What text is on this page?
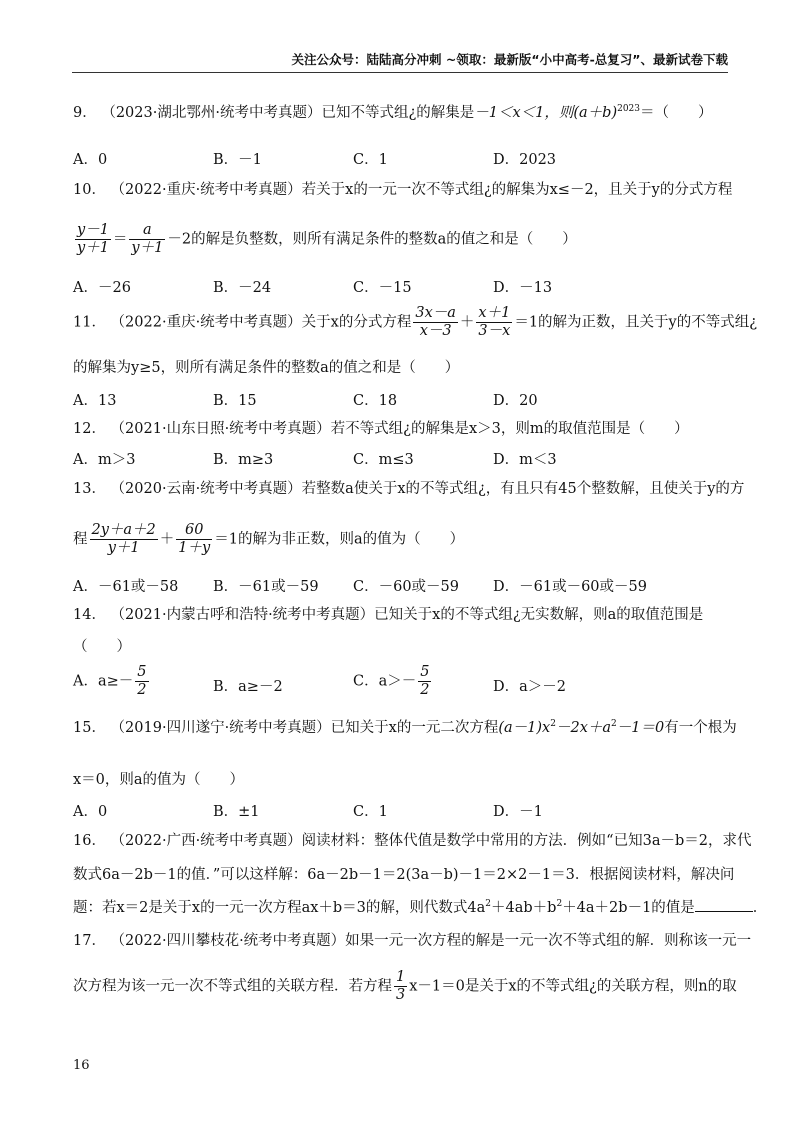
关注公众号：陆陆高分冲刺 ~领取：最新版“小中高考-总复习”、最新试卷下载
9． （2023·湖北鄂州·统考中考真题）已知不等式组¿的解集是－1＜x＜1，则$(a+b)^{2023}=$（　　）
A．0	B．－1	C．1	D．2023
10． （2022·重庆·统考中考真题）若关于x的一元一次不等式组¿的解集为x≤－2，且关于y的分式方程
$\frac{y-1}{y+1} = \frac{a}{y+1} -2$的解是负整数，则所有满足条件的整数a的值之和是（　　）
A．－26	B．－24	C．－15	D．－13
11． （2022·重庆·统考中考真题）关于x的分式方程 $\frac{3x-a}{x-3} + \frac{x+1}{3-x} =1$的解为正数，且关于y的不等式组¿
的解集为y≥5，则所有满足条件的整数a的值之和是（　　）
A．13	B．15	C．18	D．20
12． （2021·山东日照·统考中考真题）若不等式组¿的解集是x＞3，则m的取值范围是（　　）
A．m＞3	B．m≥3	C．m≤3	D．m＜3
13． （2020·云南·统考中考真题）若整数a使关于x的不等式组¿，有且只有45个整数解，且使关于y的方
程 $\frac{2y+a+2}{y+1} + \frac{60}{1+y} =1$的解为非正数，则a的值为（　　）
A．－61或－58 B．－61或－59 C．－60或－59 D．－61或－60或－59
14． （2021·内蒙古呼和浩特·统考中考真题）已知关于x的不等式组¿无实数解，则a的取值范围是
（　　）
A．$a\ge- \frac{5}{2}$	B．a≥－2	C．$a>- \frac{5}{2}$	D．a＞－2
15． （2019·四川遂宁·统考中考真题）已知关于x的一元二次方程$(a-1)x^2-2x+a^2-1=0$有一个根为
x＝0，则a的值为（　　）
A．0	B．±1	C．1	D．－1
16． （2022·广西·统考中考真题）阅读材料：整体代值是数学中常用的方法．例如“已知3a－b＝2，求代
数式6a－2b－1的值．”可以这样解：6a－2b－1＝2(3a－b)－1＝2×2－1＝3．根据阅读材料，解决问
题：若x＝2是关于x的一元一次方程ax＋b＝3的解，则代数式$4a^2+4ab+b^2+4a+2b-1$的值是	．
17． （2022·四川攀枝花·统考中考真题）如果一元一次方程的解是一元一次不等式组的解．则称该一元一
次方程为该一元一次不等式组的关联方程．若方程 $\frac{1}{3} x-1=0$是关于x的不等式组¿的关联方程，则n的取
16
